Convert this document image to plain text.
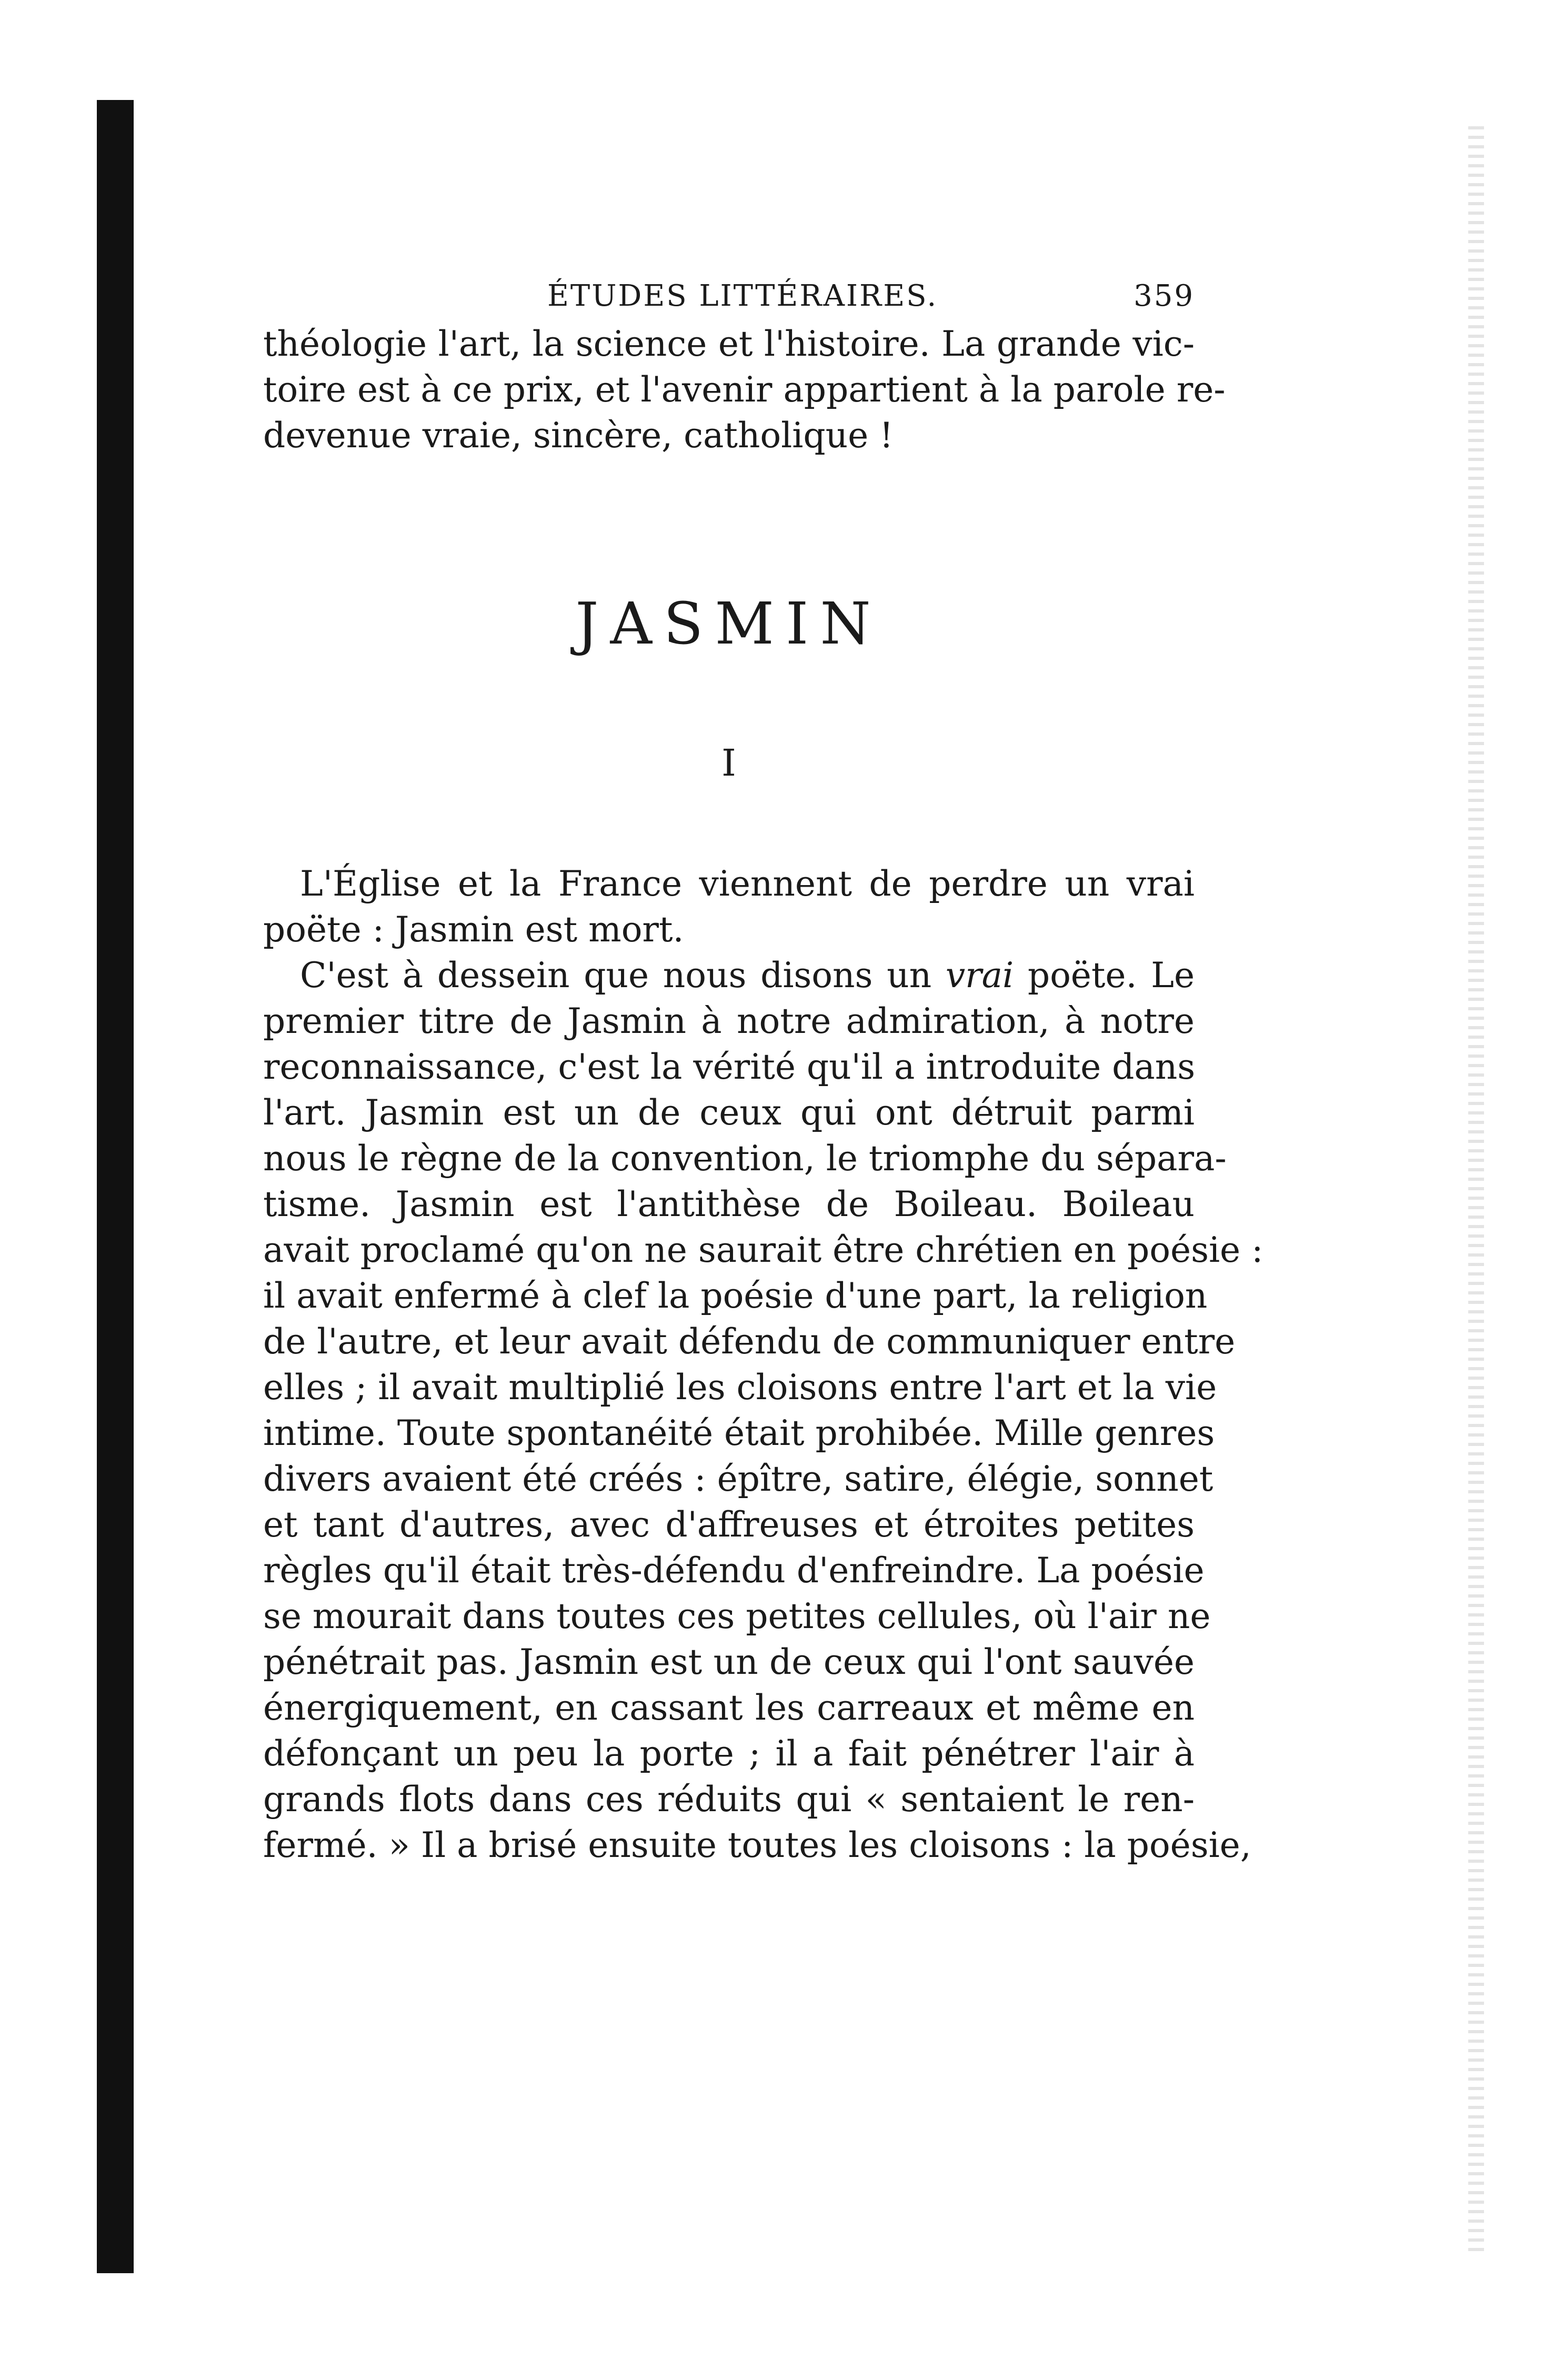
ÉTUDES LITTÉRAIRES.	359

théologie l'art, la science et l'histoire. La grande vic-
toire est à ce prix, et l'avenir appartient à la parole re-
devenue vraie, sincère, catholique !

JASMIN
I

L'Église et la France viennent de perdre un vrai
poëte : Jasmin est mort.

C'est à dessein que nous disons un vrai poëte. Le
premier titre de Jasmin à notre admiration, à notre
reconnaissance, c'est la vérité qu'il a introduite dans
l'art. Jasmin est un de ceux qui ont détruit parmi
nous le règne de la convention, le triomphe du sépara-
tisme. Jasmin est l'antithèse de Boileau. Boileau
avait proclamé qu'on ne saurait être chrétien en poésie :
il avait enfermé à clef la poésie d'une part, la religion
de l'autre, et leur avait défendu de communiquer entre
elles ; il avait multiplié les cloisons entre l'art et la vie
intime. Toute spontanéité était prohibée. Mille genres
divers avaient été créés : épître, satire, élégie, sonnet
et tant d'autres, avec d'affreuses et étroites petites
règles qu'il était très-défendu d'enfreindre. La poésie
se mourait dans toutes ces petites cellules, où l'air ne
pénétrait pas. Jasmin est un de ceux qui l'ont sauvée
énergiquement, en cassant les carreaux et même en
défonçant un peu la porte ; il a fait pénétrer l'air à
grands flots dans ces réduits qui « sentaient le ren-
fermé. » Il a brisé ensuite toutes les cloisons : la poésie,
